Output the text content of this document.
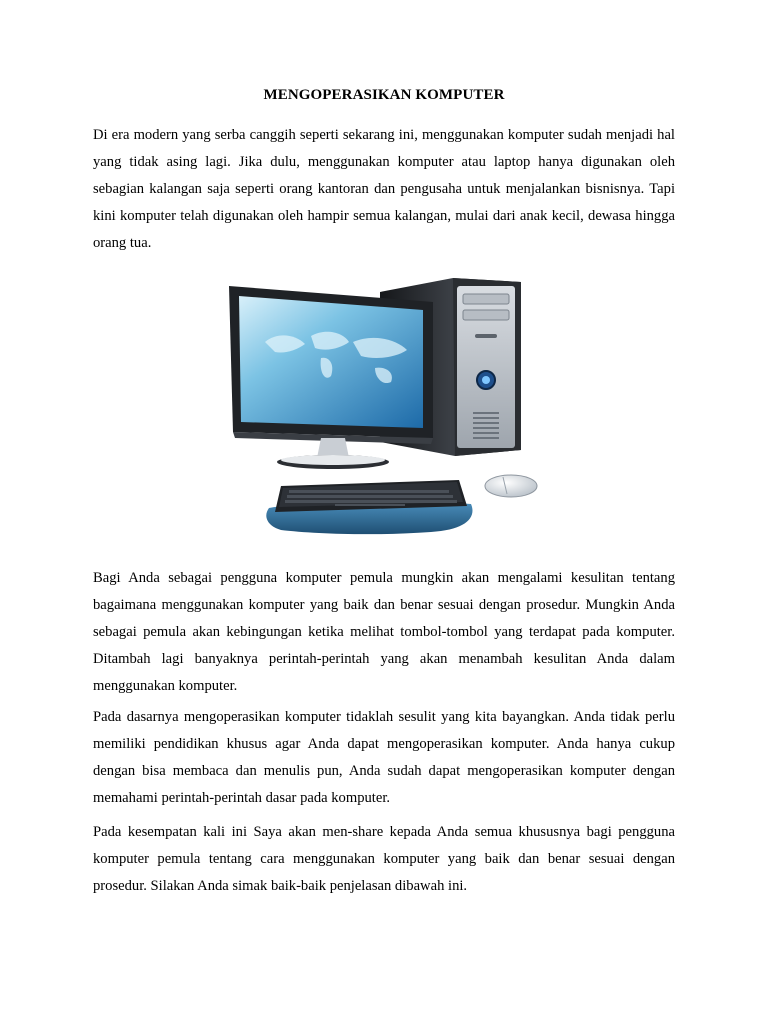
MENGOPERASIKAN KOMPUTER

Di era modern yang serba canggih seperti sekarang ini, menggunakan komputer sudah menjadi hal yang tidak asing lagi. Jika dulu, menggunakan komputer atau laptop hanya digunakan oleh sebagian kalangan saja seperti orang kantoran dan pengusaha untuk menjalankan bisnisnya. Tapi kini komputer telah digunakan oleh hampir semua kalangan, mulai dari anak kecil, dewasa hingga orang tua.

Bagi Anda sebagai pengguna komputer pemula mungkin akan mengalami kesulitan tentang bagaimana menggunakan komputer yang baik dan benar sesuai dengan prosedur. Mungkin Anda sebagai pemula akan kebingungan ketika melihat tombol-tombol yang terdapat pada komputer. Ditambah lagi banyaknya perintah-perintah yang akan menambah kesulitan Anda dalam menggunakan komputer.

Pada dasarnya mengoperasikan komputer tidaklah sesulit yang kita bayangkan. Anda tidak perlu memiliki pendidikan khusus agar Anda dapat mengoperasikan komputer. Anda hanya cukup dengan bisa membaca dan menulis pun, Anda sudah dapat mengoperasikan komputer dengan memahami perintah-perintah dasar pada komputer.

Pada kesempatan kali ini Saya akan men-share kepada Anda semua khususnya bagi pengguna komputer pemula tentang cara menggunakan komputer yang baik dan benar sesuai dengan prosedur. Silakan Anda simak baik-baik penjelasan dibawah ini.
